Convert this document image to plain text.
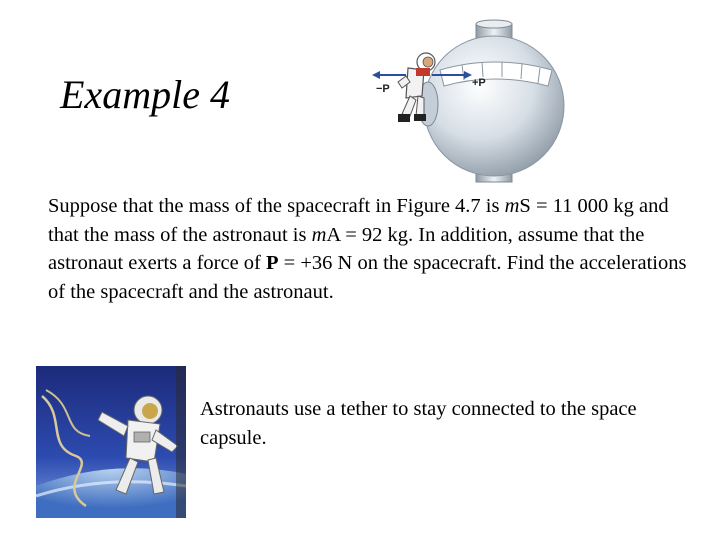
Example 4	−P	+P
Suppose that the mass of the spacecraft in Figure 4.7 is mS = 11 000 kg and that the mass of the astronaut is mA = 92 kg. In addition, assume that the astronaut exerts a force of P = +36 N on the spacecraft. Find the accelerations of the spacecraft and the astronaut.
Astronauts use a tether to stay connected to the space capsule.
